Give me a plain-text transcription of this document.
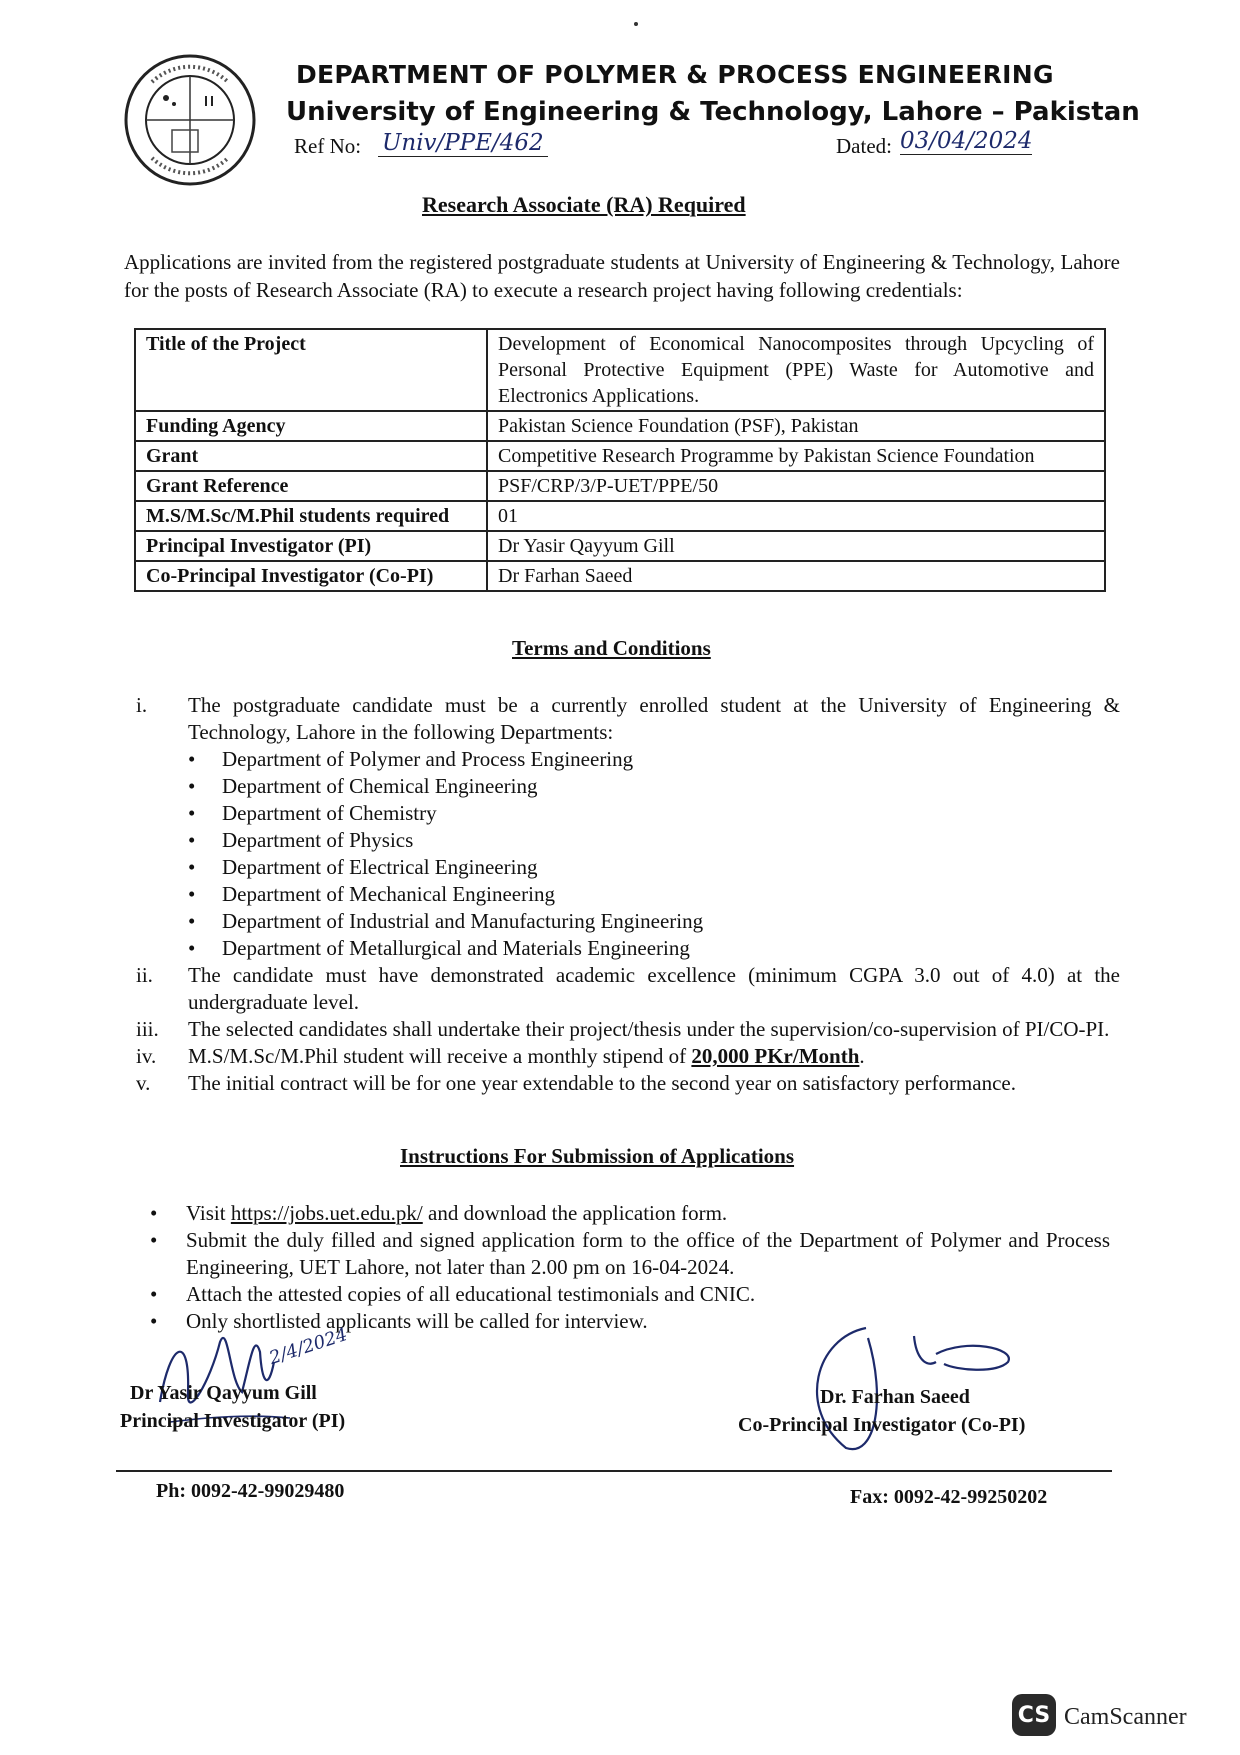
DEPARTMENT OF POLYMER & PROCESS ENGINEERING
University of Engineering & Technology, Lahore – Pakistan
Ref No: Univ/PPE/462	Dated: 03/04/2024
Research Associate (RA) Required
Applications are invited from the registered postgraduate students at University of Engineering & Technology, Lahore for the posts of Research Associate (RA) to execute a research project having following credentials:
Title of the Project	Development of Economical Nanocomposites through Upcycling of Personal Protective Equipment (PPE) Waste for Automotive and Electronics Applications.
Funding Agency	Pakistan Science Foundation (PSF), Pakistan
Grant	Competitive Research Programme by Pakistan Science Foundation
Grant Reference	PSF/CRP/3/P-UET/PPE/50
M.S/M.Sc/M.Phil students required	01
Principal Investigator (PI)	Dr Yasir Qayyum Gill
Co-Principal Investigator (Co-PI)	Dr Farhan Saeed
Terms and Conditions
i.	The postgraduate candidate must be a currently enrolled student at the University of Engineering & Technology, Lahore in the following Departments:
•	Department of Polymer and Process Engineering
•	Department of Chemical Engineering
•	Department of Chemistry
•	Department of Physics
•	Department of Electrical Engineering
•	Department of Mechanical Engineering
•	Department of Industrial and Manufacturing Engineering
•	Department of Metallurgical and Materials Engineering
ii.	The candidate must have demonstrated academic excellence (minimum CGPA 3.0 out of 4.0) at the undergraduate level.
iii.	The selected candidates shall undertake their project/thesis under the supervision/co-supervision of PI/CO-PI.
iv.	M.S/M.Sc/M.Phil student will receive a monthly stipend of 20,000 PKr/Month.
v.	The initial contract will be for one year extendable to the second year on satisfactory performance.
Instructions For Submission of Applications
•	Visit https://jobs.uet.edu.pk/ and download the application form.
•	Submit the duly filled and signed application form to the office of the Department of Polymer and Process Engineering, UET Lahore, not later than 2.00 pm on 16-04-2024.
•	Attach the attested copies of all educational testimonials and CNIC.
•	Only shortlisted applicants will be called for interview.
2/4/2024
Dr Yasir Qayyum Gill
Principal Investigator (PI)
Dr. Farhan Saeed
Co-Principal Investigator (Co-PI)
Ph: 0092-42-99029480	Fax: 0092-42-99250202
CS CamScanner
